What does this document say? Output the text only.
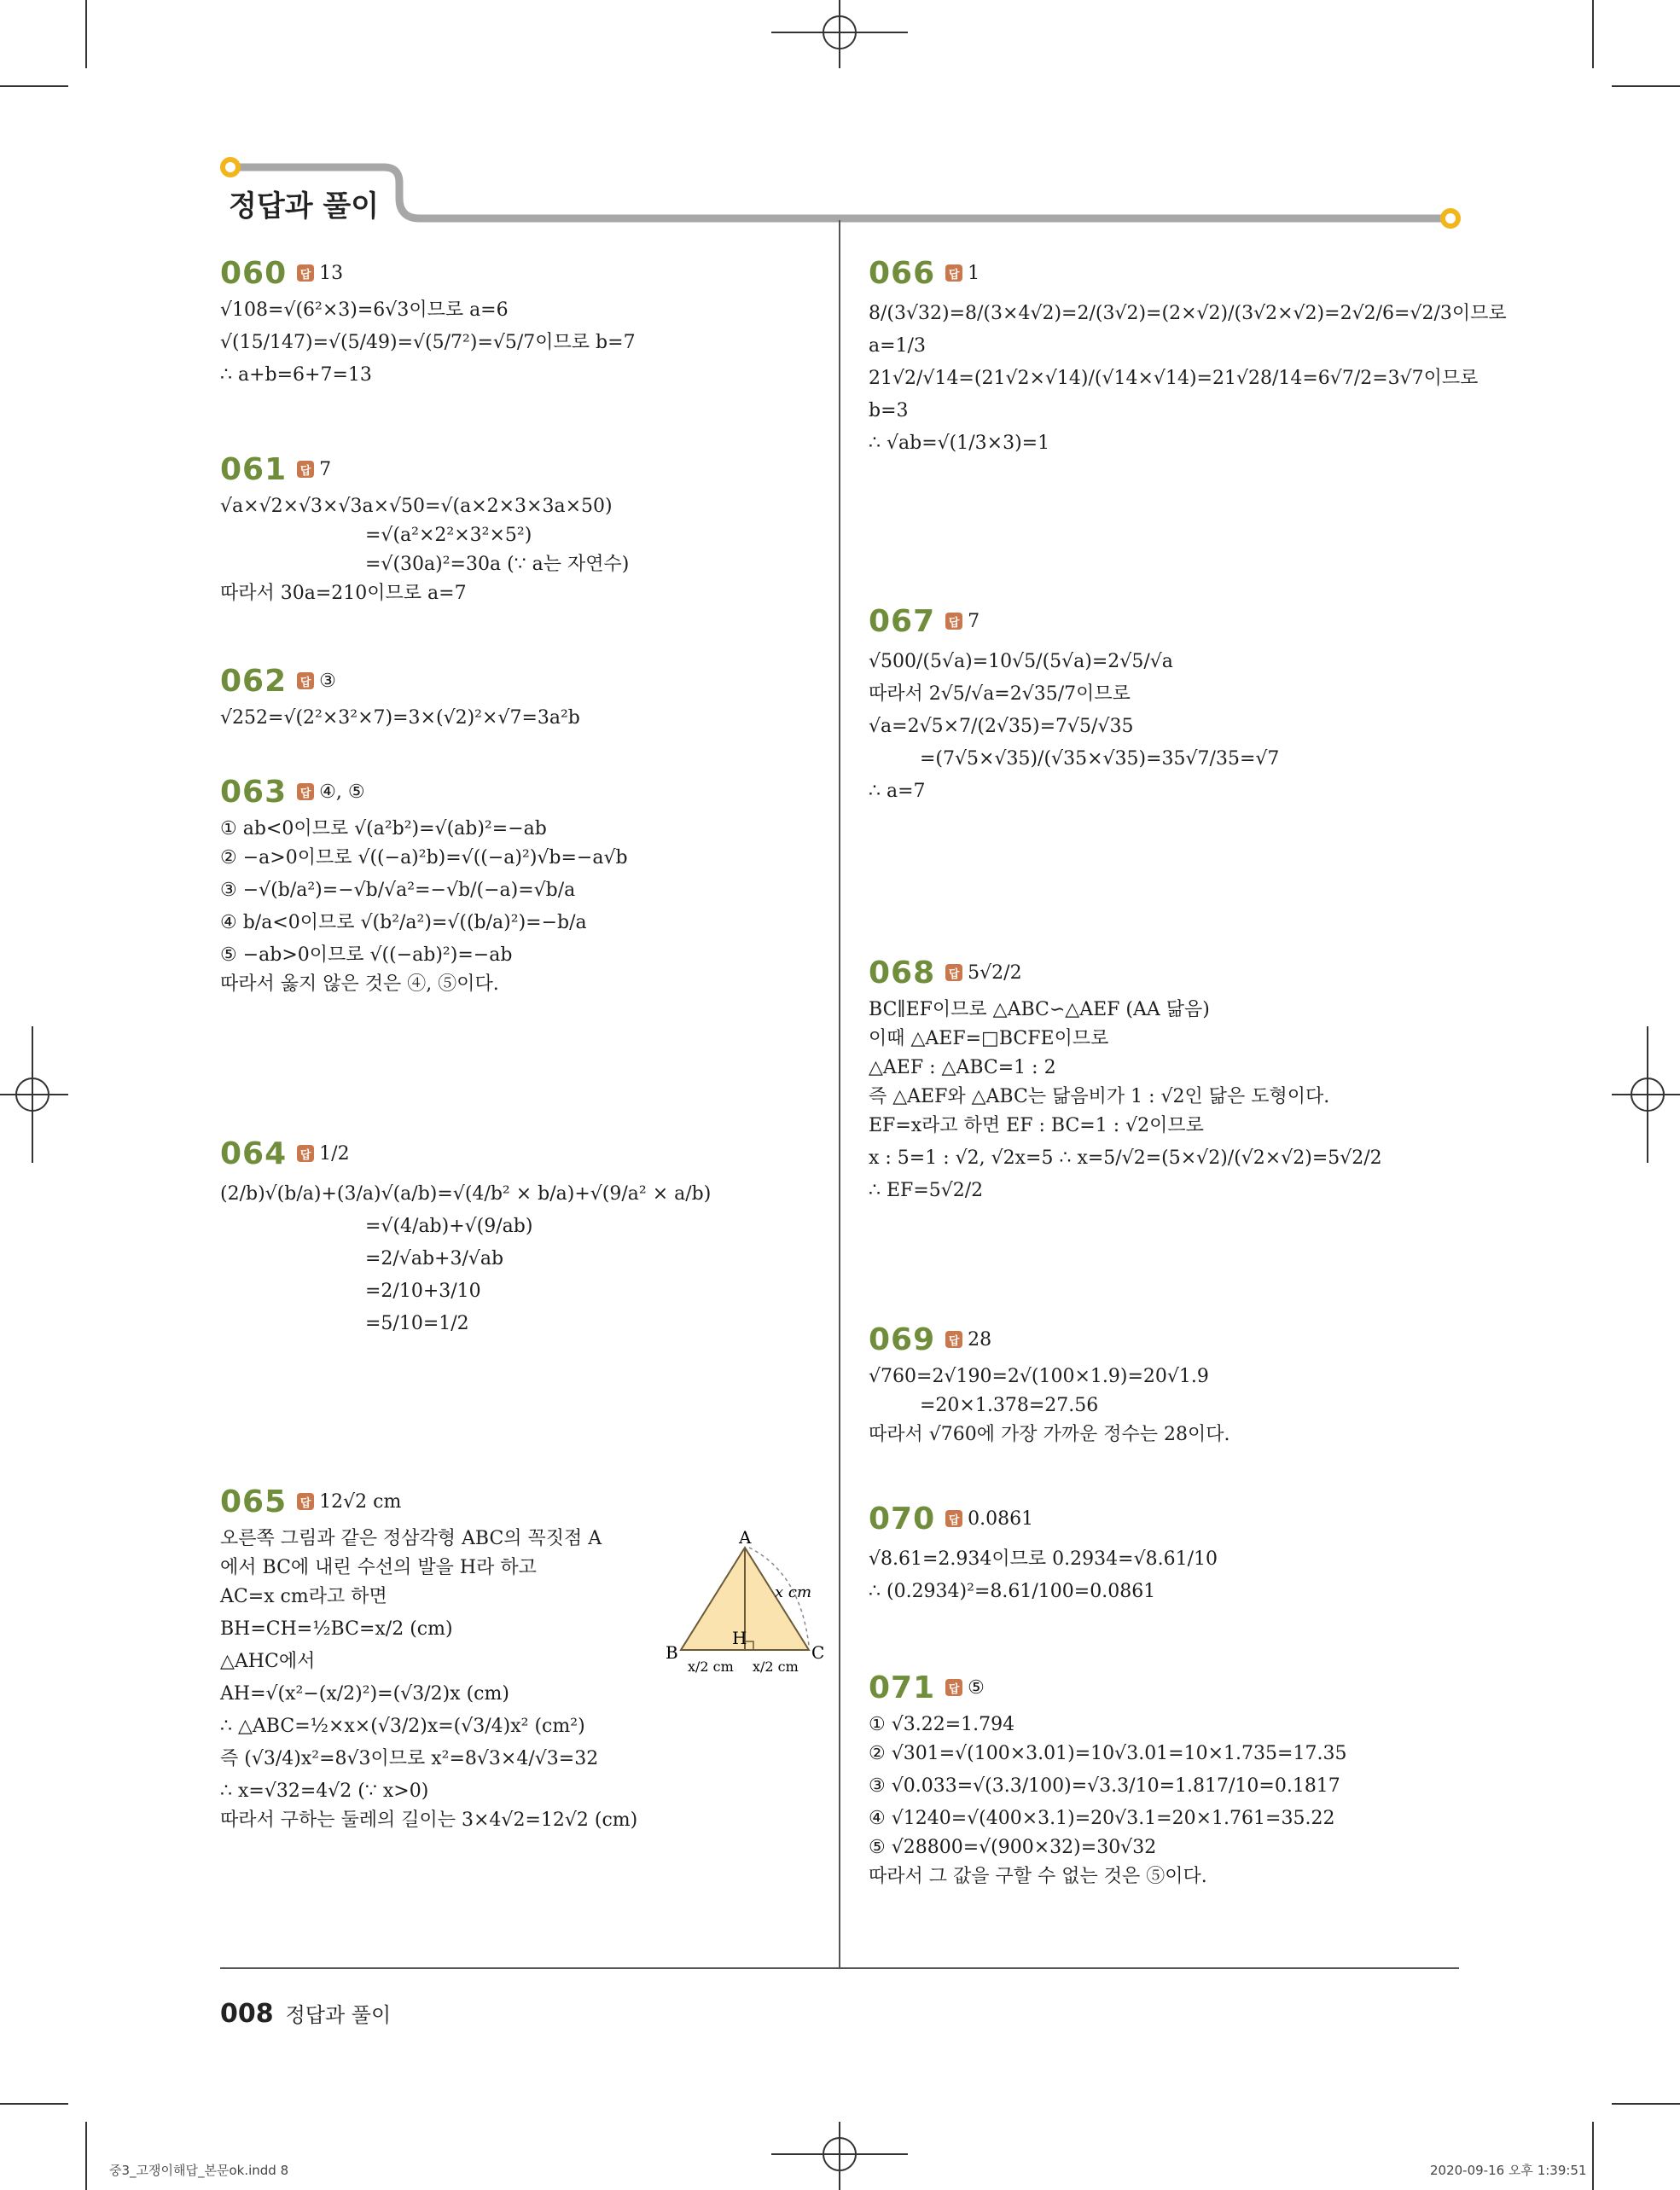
정답과 풀이
060 답 13
√108=√(6²×3)=6√3이므로 a=6
√(15/147)=√(5/49)=√(5/7²)=√5/7이므로 b=7
∴ a+b=6+7=13
061 답 7
√a×√2×√3×√3a×√50=√(a×2×3×3a×50)
=√(a²×2²×3²×5²)
=√(30a)²=30a (∵ a는 자연수)
따라서 30a=210이므로 a=7
062 답 ③
√252=√(2²×3²×7)=3×(√2)²×√7=3a²b
063 답 ④, ⑤
① ab<0이므로 √(a²b²)=√(ab)²=−ab
② −a>0이므로 √((−a)²b)=√((−a)²)√b=−a√b
③ −√(b/a²)=−√b/√a²=−√b/(−a)=√b/a
④ b/a<0이므로 √(b²/a²)=√((b/a)²)=−b/a
⑤ −ab>0이므로 √((−ab)²)=−ab
따라서 옳지 않은 것은 ④, ⑤이다.
064 답 1/2
(2/b)√(b/a)+(3/a)√(a/b)=√(4/b² × b/a)+√(9/a² × a/b)
=√(4/ab)+√(9/ab)
=2/√ab+3/√ab
=2/10+3/10
=5/10=1/2
065 답 12√2 cm
오른쪽 그림과 같은 정삼각형 ABC의 꼭짓점 A
에서 BC에 내린 수선의 발을 H라 하고
AC=x cm라고 하면
BH=CH=½BC=x/2 (cm)
△AHC에서
AH=√(x²−(x/2)²)=(√3/2)x (cm)
∴ △ABC=½×x×(√3/2)x=(√3/4)x² (cm²)
즉 (√3/4)x²=8√3이므로 x²=8√3×4/√3=32
∴ x=√32=4√2 (∵ x>0)
따라서 구하는 둘레의 길이는 3×4√2=12√2 (cm)
A
B	C
H
x cm
x/2 cm x/2 cm
066 답 1
8/(3√32)=8/(3×4√2)=2/(3√2)=(2×√2)/(3√2×√2)=2√2/6=√2/3이므로
a=1/3
21√2/√14=(21√2×√14)/(√14×√14)=21√28/14=6√7/2=3√7이므로
b=3
∴ √ab=√(1/3×3)=1
067 답 7
√500/(5√a)=10√5/(5√a)=2√5/√a
따라서 2√5/√a=2√35/7이므로
√a=2√5×7/(2√35)=7√5/√35
=(7√5×√35)/(√35×√35)=35√7/35=√7
∴ a=7
068 답 5√2/2
BC∥EF이므로 △ABC∽△AEF (AA 닮음)
이때 △AEF=□BCFE이므로
△AEF : △ABC=1 : 2
즉 △AEF와 △ABC는 닮음비가 1 : √2인 닮은 도형이다.
EF=x라고 하면 EF : BC=1 : √2이므로
x : 5=1 : √2, √2x=5 ∴ x=5/√2=(5×√2)/(√2×√2)=5√2/2
∴ EF=5√2/2
069 답 28
√760=2√190=2√(100×1.9)=20√1.9
=20×1.378=27.56
따라서 √760에 가장 가까운 정수는 28이다.
070 답 0.0861
√8.61=2.934이므로 0.2934=√8.61/10
∴ (0.2934)²=8.61/100=0.0861
071 답 ⑤
① √3.22=1.794
② √301=√(100×3.01)=10√3.01=10×1.735=17.35
③ √0.033=√(3.3/100)=√3.3/10=1.817/10=0.1817
④ √1240=√(400×3.1)=20√3.1=20×1.761=35.22
⑤ √28800=√(900×32)=30√32
따라서 그 값을 구할 수 없는 것은 ⑤이다.
008 정답과 풀이
중3_고쟁이해답_본문ok.indd 8	2020-09-16 오후 1:39:51
